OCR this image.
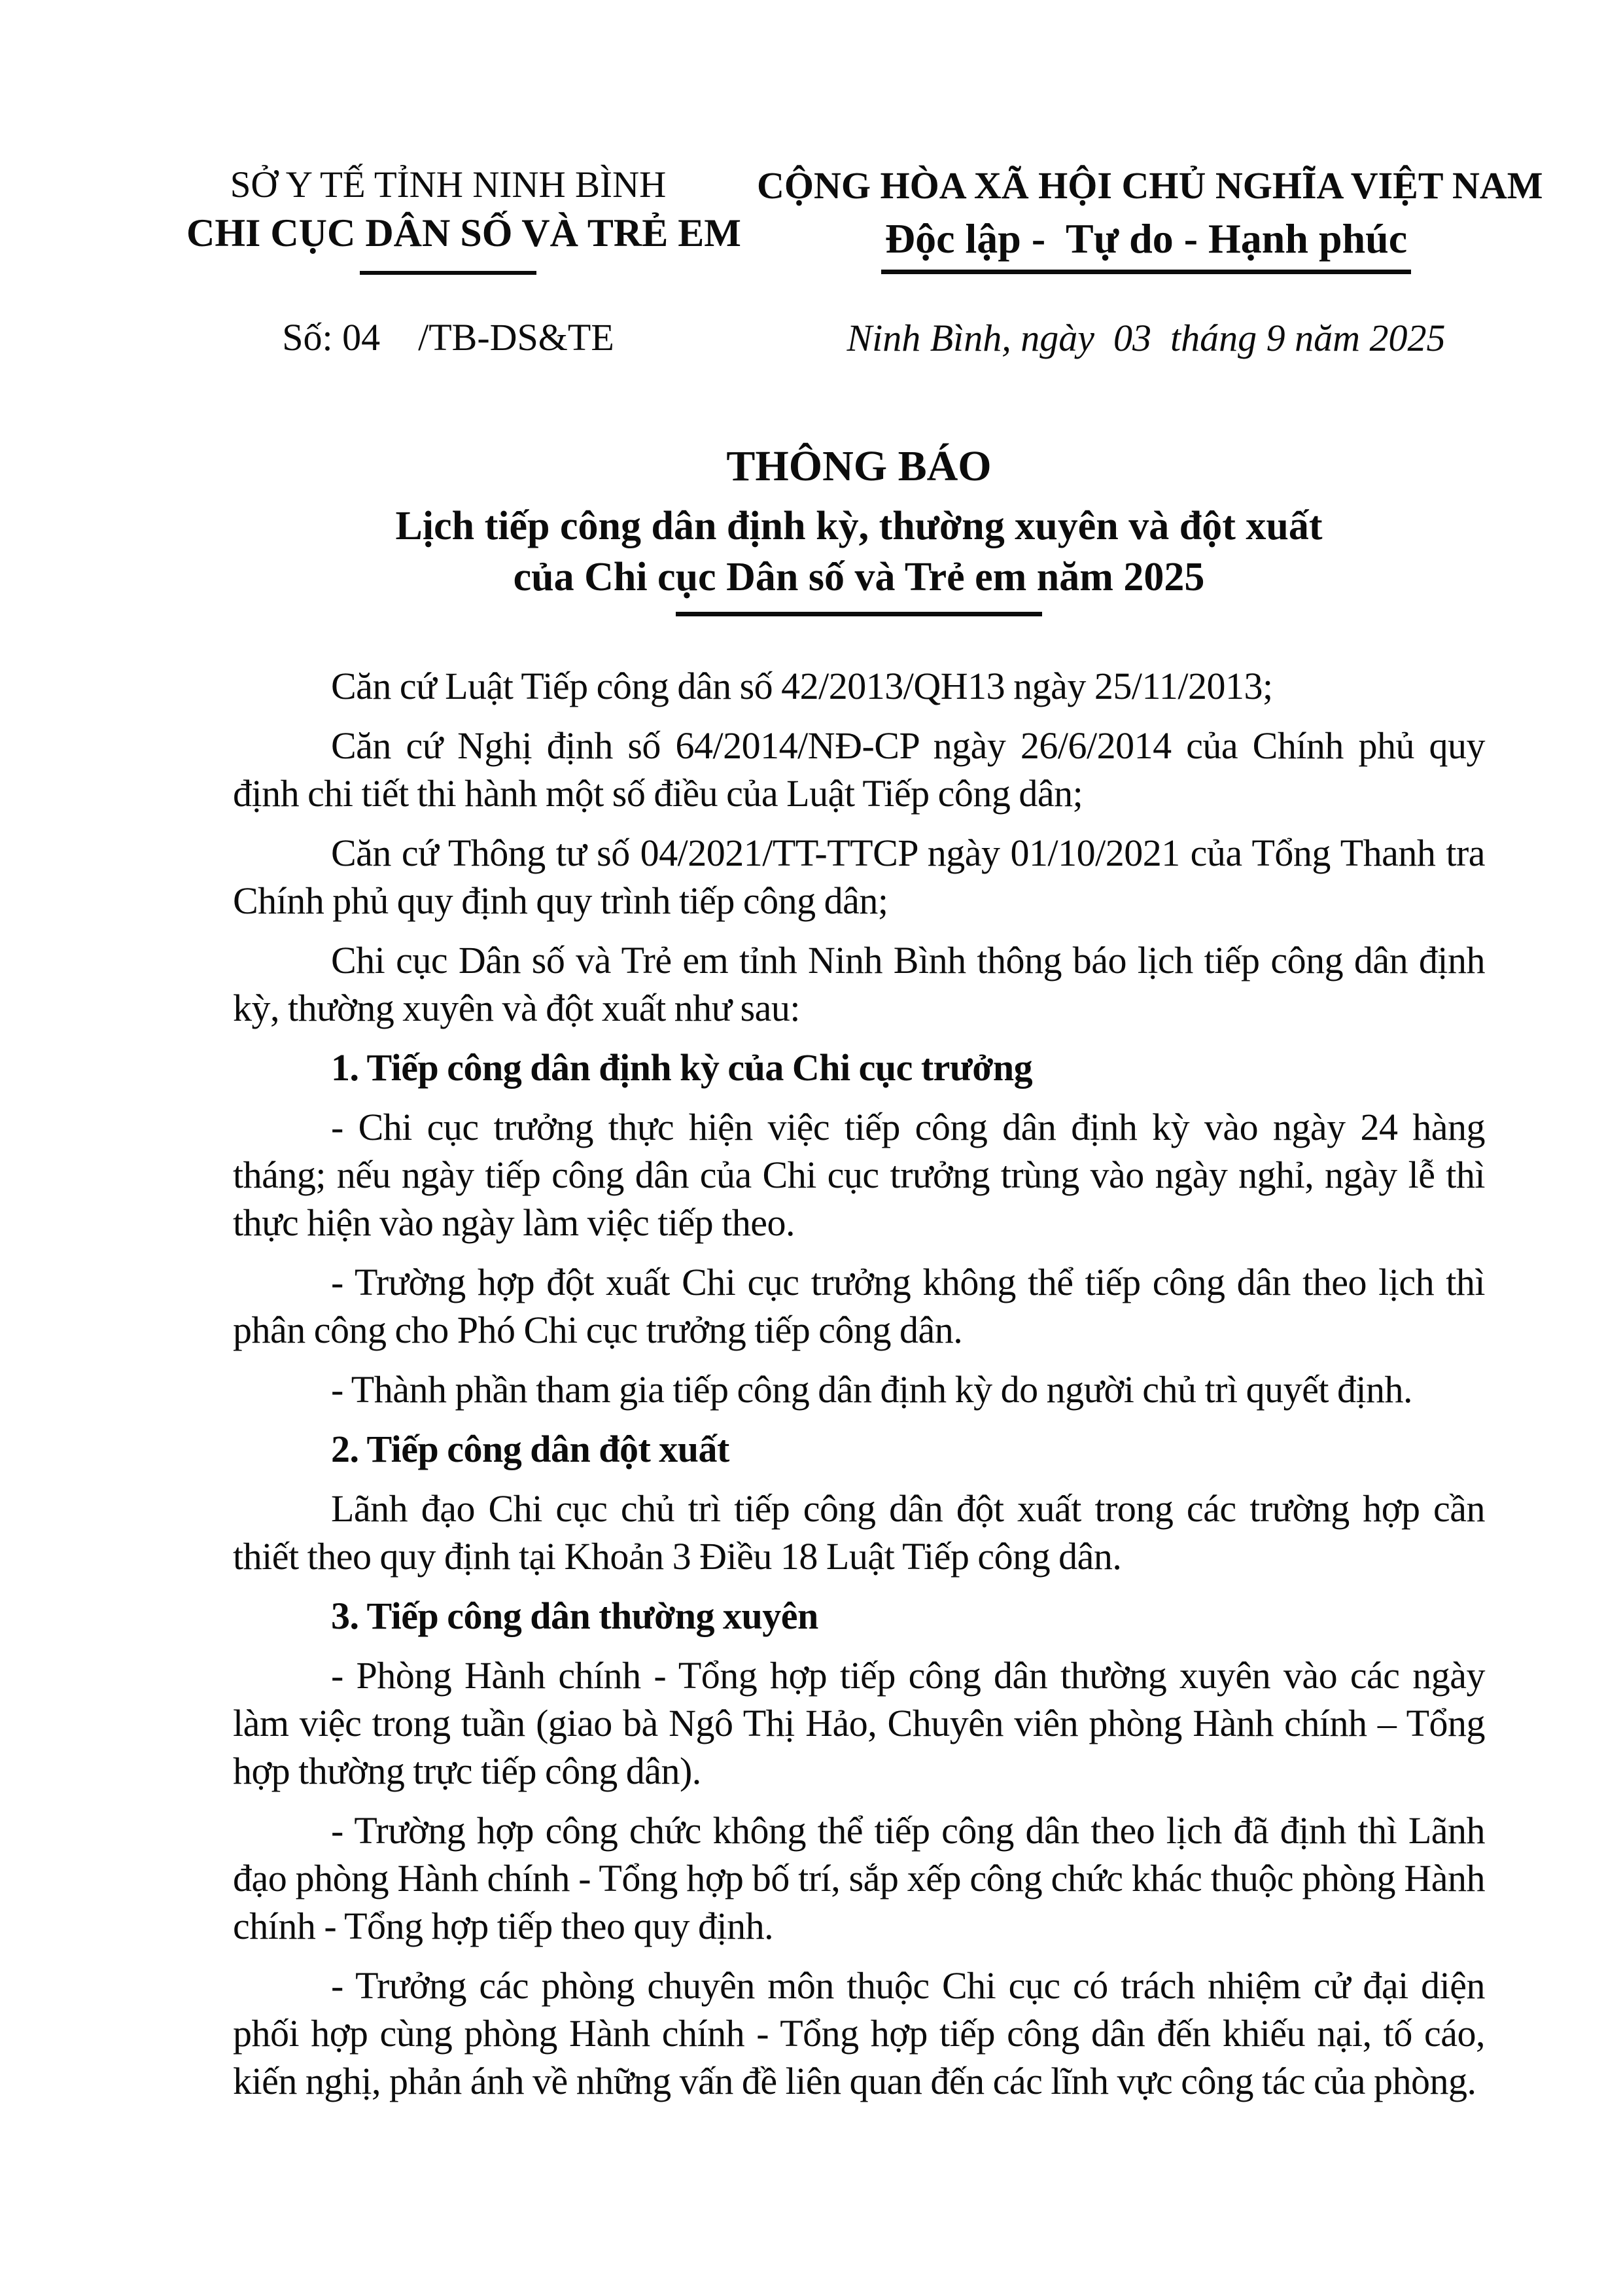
SỞ Y TẾ TỈNH NINH BÌNH
CHI CỤC DÂN SỐ VÀ TRẺ EM
Số: 04    /TB-DS&TE
CỘNG HÒA XÃ HỘI CHỦ NGHĨA VIỆT NAM
Độc lập -  Tự do - Hạnh phúc
Ninh Bình, ngày  03  tháng 9 năm 2025
THÔNG BÁO
Lịch tiếp công dân định kỳ, thường xuyên và đột xuất
của Chi cục Dân số và Trẻ em năm 2025

Căn cứ Luật Tiếp công dân số 42/2013/QH13 ngày 25/11/2013;

Căn cứ Nghị định số 64/2014/NĐ-CP ngày 26/6/2014 của Chính phủ quy định chi tiết thi hành một số điều của Luật Tiếp công dân;

Căn cứ Thông tư số 04/2021/TT-TTCP ngày 01/10/2021 của Tổng Thanh tra Chính phủ quy định quy trình tiếp công dân;

Chi cục Dân số và Trẻ em tỉnh Ninh Bình thông báo lịch tiếp công dân định kỳ, thường xuyên và đột xuất như sau:

1. Tiếp công dân định kỳ của Chi cục trưởng

- Chi cục trưởng thực hiện việc tiếp công dân định kỳ vào ngày 24 hàng tháng; nếu ngày tiếp công dân của Chi cục trưởng trùng vào ngày nghỉ, ngày lễ thì thực hiện vào ngày làm việc tiếp theo.

- Trường hợp đột xuất Chi cục trưởng không thể tiếp công dân theo lịch thì phân công cho Phó Chi cục trưởng tiếp công dân.

- Thành phần tham gia tiếp công dân định kỳ do người chủ trì quyết định.

2. Tiếp công dân đột xuất

Lãnh đạo Chi cục chủ trì tiếp công dân đột xuất trong các trường hợp cần thiết theo quy định tại Khoản 3 Điều 18 Luật Tiếp công dân.

3. Tiếp công dân thường xuyên

- Phòng Hành chính - Tổng hợp tiếp công dân thường xuyên vào các ngày làm việc trong tuần (giao bà Ngô Thị Hảo, Chuyên viên phòng Hành chính – Tổng hợp thường trực tiếp công dân).

- Trường hợp công chức không thể tiếp công dân theo lịch đã định thì Lãnh đạo phòng Hành chính - Tổng hợp bố trí, sắp xếp công chức khác thuộc phòng Hành chính - Tổng hợp tiếp theo quy định.

- Trưởng các phòng chuyên môn thuộc Chi cục có trách nhiệm cử đại diện phối hợp cùng phòng Hành chính - Tổng hợp tiếp công dân đến khiếu nại, tố cáo, kiến nghị, phản ánh về những vấn đề liên quan đến các lĩnh vực công tác của phòng.
